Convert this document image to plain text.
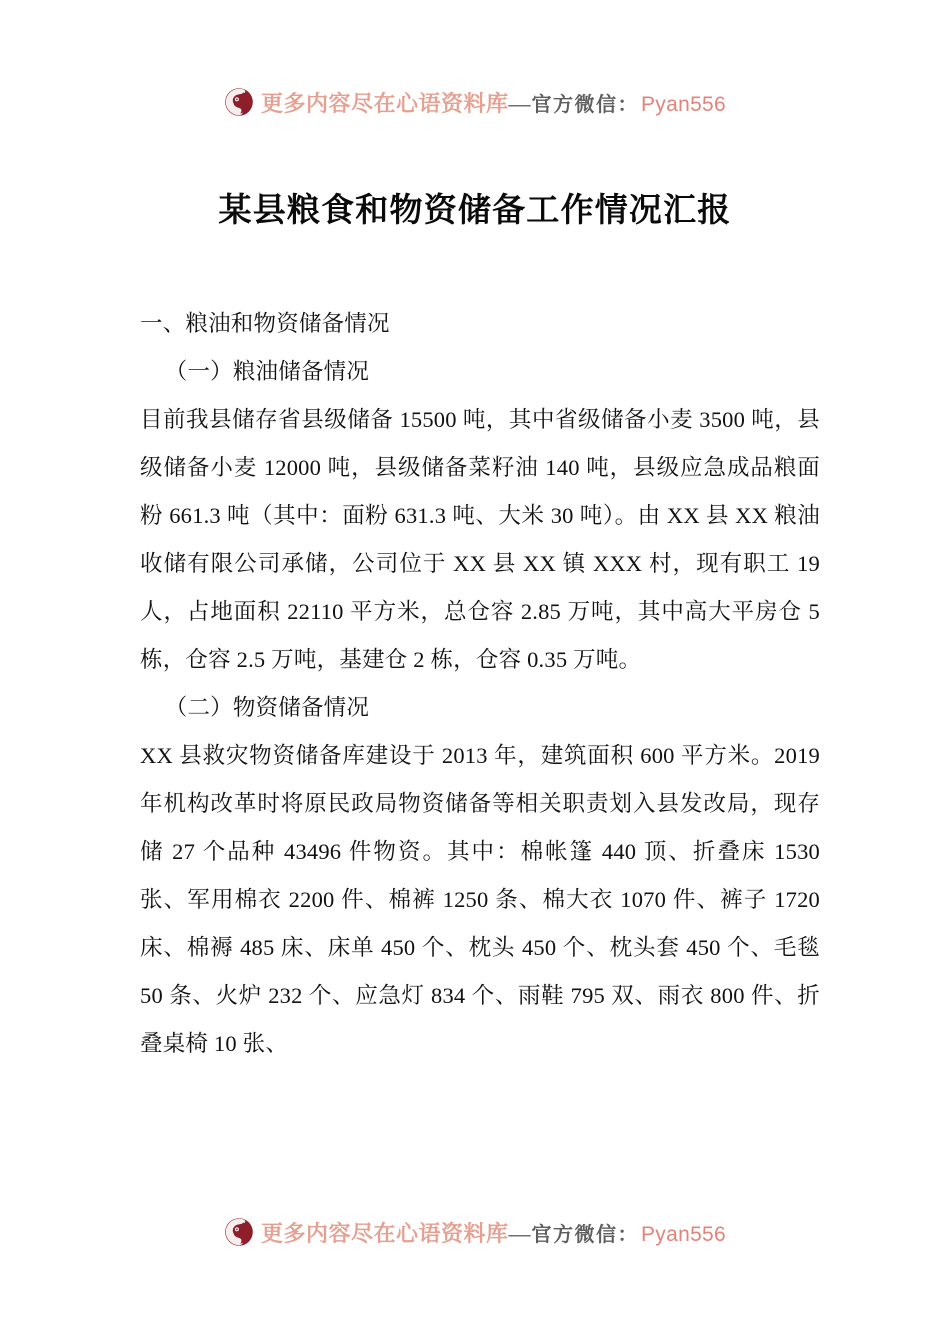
更多内容尽在心语资料库 — 官方微信： Pyan556
某县粮食和物资储备工作情况汇报

一、粮油和物资储备情况

（一）粮油储备情况

目前我县储存省县级储备 15500 吨，其中省级储备小麦 3500 吨，县级储备小麦 12000 吨，县级储备菜籽油 140 吨，县级应急成品粮面粉 661.3 吨（其中：面粉 631.3 吨、大米 30 吨）。由 XX 县 XX 粮油收储有限公司承储，公司位于 XX 县 XX 镇 XXX 村，现有职工 19 人，占地面积 22110 平方米，总仓容 2.85 万吨，其中高大平房仓 5 栋，仓容 2.5 万吨，基建仓 2 栋，仓容 0.35 万吨。

（二）物资储备情况

XX 县救灾物资储备库建设于 2013 年，建筑面积 600 平方米。2019 年机构改革时将原民政局物资储备等相关职责划入县发改局，现存储 27 个品种 43496 件物资。其中：棉帐篷 440 顶、折叠床 1530 张、军用棉衣 2200 件、棉裤 1250 条、棉大衣 1070 件、裤子 1720 床、棉褥 485 床、床单 450 个、枕头 450 个、枕头套 450 个、毛毯 50 条、火炉 232 个、应急灯 834 个、雨鞋 795 双、雨衣 800 件、折叠桌椅 10 张、

更多内容尽在心语资料库 — 官方微信： Pyan556
